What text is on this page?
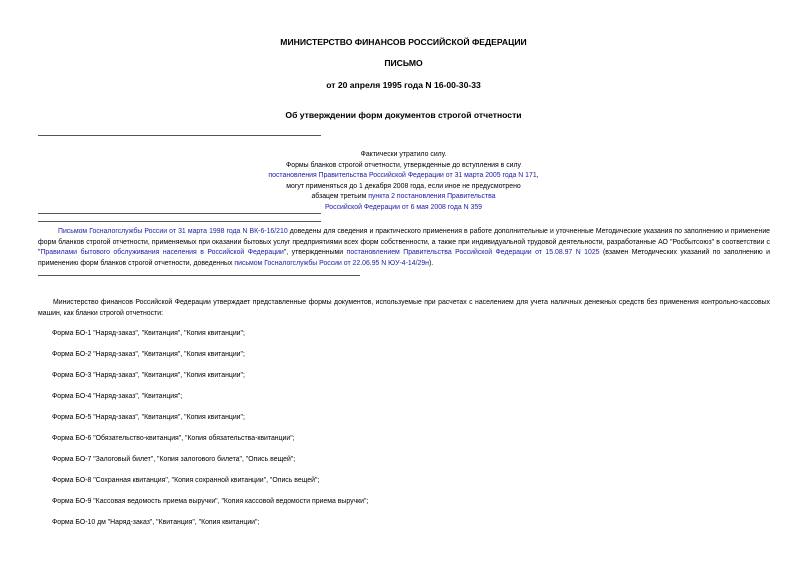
МИНИСТЕРСТВО ФИНАНСОВ РОССИЙСКОЙ ФЕДЕРАЦИИ
ПИСЬМО
от 20 апреля 1995 года N 16-00-30-33
Об утверждении форм документов строгой отчетности
Фактически утратило силу.
Формы бланков строгой отчетности, утвержденные до вступления в силу
постановления Правительства Российской Федерации от 31 марта 2005 года N 171,
могут применяться до 1 декабря 2008 года, если иное не предусмотрено
абзацем третьим пункта 2 постановления Правительства
Российской Федерации от 6 мая 2008 года N 359
Письмом Госналогслужбы России от 31 марта 1998 года N ВК-6-16/210 доведены для сведения и практического применения в работе дополнительные и уточненные Методические указания по заполнению и применение форм бланков строгой отчетности, применяемых при оказании бытовых услуг предприятиями всех форм собственности, а также при индивидуальной трудовой деятельности, разработанные АО "Росбытсоюз" в соответствии с "Правилами бытового обслуживания населения в Российской Федерации", утвержденными постановлением Правительства Российской Федерации от 15.08.97 N 1025 (взамен Методических указаний по заполнению и применению форм бланков строгой отчетности, доведенных письмом Госналогслужбы России от 22.06.95 N ЮУ-4-14/29н).
Министерство финансов Российской Федерации утверждает представленные формы документов, используемые при расчетах с населением для учета наличных денежных средств без применения контрольно-кассовых машин, как бланки строгой отчетности:
Форма БО-1 "Наряд-заказ", "Квитанция", "Копия квитанции";
Форма БО-2 "Наряд-заказ", "Квитанция", "Копия квитанции";
Форма БО-3 "Наряд-заказ", "Квитанция", "Копия квитанции";
Форма БО-4 "Наряд-заказ", "Квитанция";
Форма БО-5 "Наряд-заказ", "Квитанция", "Копия квитанции";
Форма БО-6 "Обязательство-квитанция", "Копия обязательства-квитанции";
Форма БО-7 "Залоговый билет", "Копия залогового билета", "Опись вещей";
Форма БО-8 "Сохранная квитанция", "Копия сохранной квитанции", "Опись вещей";
Форма БО-9 "Кассовая ведомость приема выручки", "Копия кассовой ведомости приема выручки";
Форма БО-10 дм "Наряд-заказ", "Квитанция", "Копия квитанции";
